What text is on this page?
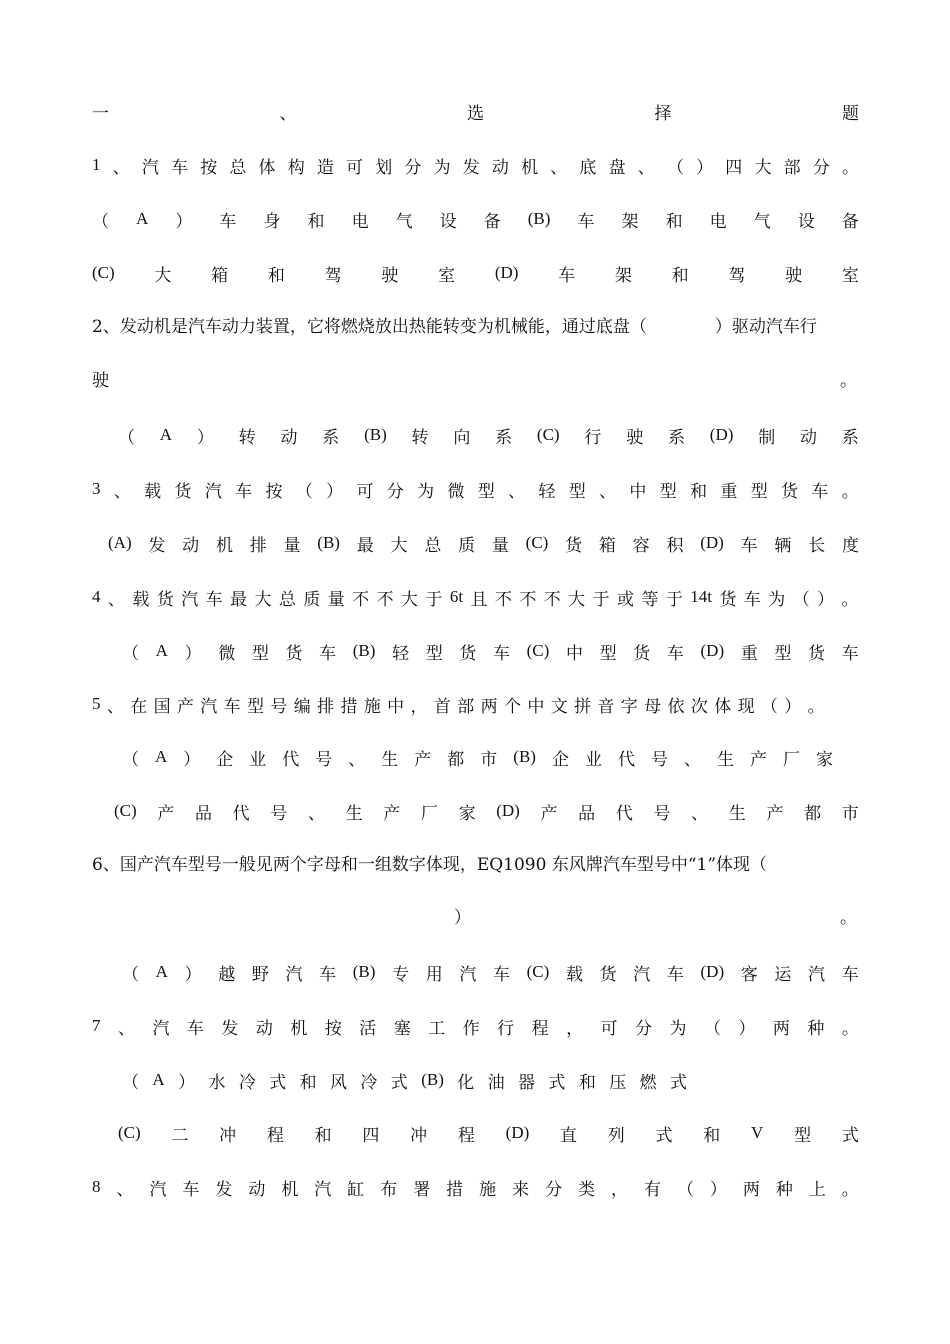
一	、	选	择	题
1 、 汽 车 按 总 体 构 造 可 划 分 为 发 动 机 、 底 盘 、 （ ） 四 大 部 分 。
（ A ） 车 身 和 电 气 设 备 (B) 车 架 和 电 气 设 备
(C) 大 箱 和 驾 驶 室 (D) 车 架 和 驾 驶 室
2、发动机是汽车动力装置，它将燃烧放出热能转变为机械能，通过底盘（　　　　）驱动汽车行
驶	。
（ A ） 转 动 系 (B) 转 向 系 (C) 行 驶 系 (D) 制 动 系
3 、 载 货 汽 车 按 （ ） 可 分 为 微 型 、 轻 型 、 中 型 和 重 型 货 车 。
(A) 发 动 机 排 量 (B) 最 大 总 质 量 (C) 货 箱 容 积 (D) 车 辆 长 度
4 、 载 货 汽 车 最 大 总 质 量 不 不 大 于 6t 且 不 不 不 大 于 或 等 于 14t 货 车 为 （ ） 。
（ A ） 微 型 货 车 (B) 轻 型 货 车 (C) 中 型 货 车 (D) 重 型 货 车
5 、 在 国 产 汽 车 型 号 编 排 措 施 中 ， 首 部 两 个 中 文 拼 音 字 母 依 次 体 现 （ ） 。
（ A ） 企 业 代 号 、 生 产 都 市 (B) 企 业 代 号 、 生 产 厂 家
(C) 产 品 代 号 、 生 产 厂 家 (D) 产 品 代 号 、 生 产 都 市
6、国产汽车型号一般见两个字母和一组数字体现，EQ1090 东风牌汽车型号中“1”体现（
）	。
（ A ） 越 野 汽 车 (B) 专 用 汽 车 (C) 载 货 汽 车 (D) 客 运 汽 车
7 、 汽 车 发 动 机 按 活 塞 工 作 行 程 ， 可 分 为 （ ） 两 种 。
（ A ） 水 冷 式 和 风 冷 式 (B) 化 油 器 式 和 压 燃 式
(C) 二 冲 程 和 四 冲 程 (D) 直 列 式 和 V 型 式
8 、 汽 车 发 动 机 汽 缸 布 署 措 施 来 分 类 ， 有 （ ） 两 种 上 。
